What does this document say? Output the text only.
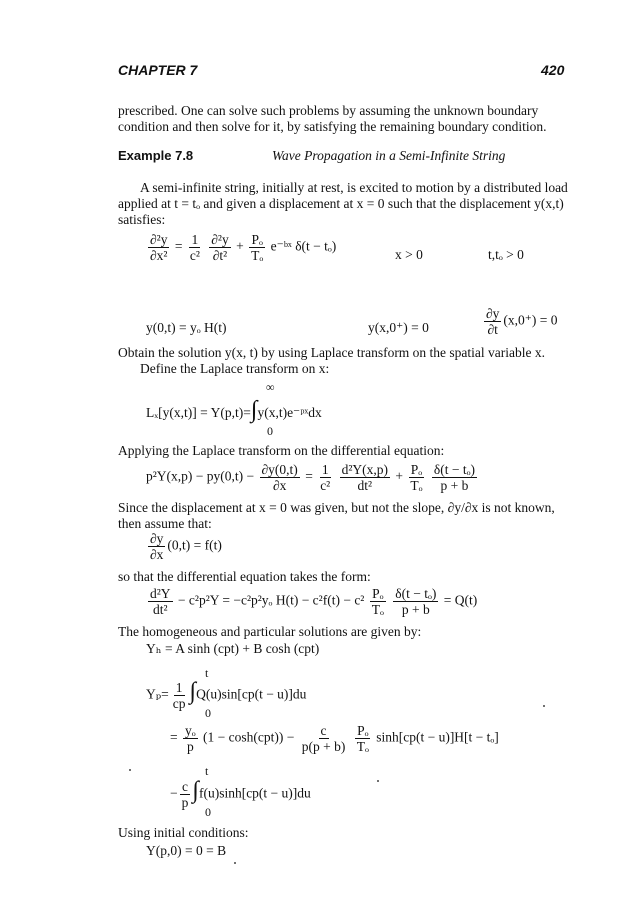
CHAPTER 7	420
prescribed. One can solve such problems by assuming the unknown boundary condition and then solve for it, by satisfying the remaining boundary condition.
Example 7.8	Wave Propagation in a Semi-Infinite String
A semi-infinite string, initially at rest, is excited to motion by a distributed load applied at t = tₒ and given a displacement at x = 0 such that the displacement y(x,t) satisfies:
$\frac{\text{∂²y}}{\text{∂x²}} = \frac{1}{\text{c²}}$
$\frac{\text{∂²y}}{\text{∂t²}} + \frac{\text{Pₒ}}{\text{Tₒ}}$ e⁻ᵇˣ δ(t − tₒ)
x > 0	t,tₒ > 0
y(0,t) = yₒ H(t)	y(x,0⁺) = 0	$\frac{\partial y}{\partial t} (x,0^+) = 0$
Obtain the solution y(x, t) by using Laplace transform on the spatial variable x.
Define the Laplace transform on x:
∞
Lₓ[y(x,t)] = Y(p,t)=∫y(x,t)e⁻ᵖˣdx
0
Applying the Laplace transform on the differential equation:
$p^2Y(x,p) - py(0,t) - \frac{\partial y(0,t)}{\partial x} = \frac{1}{\text{c²}}$
$\frac{\text{d²Y(x,p)}}{\text{dt²}} + \frac{\text{Pₒ}}{\text{Tₒ}}$
$\frac{\text{δ(t − tₒ)}}{p + b}$
Since the displacement at x = 0 was given, but not the slope, ∂y/∂x is not known, then assume that:
$\frac{\partial y}{\partial x} (0,t) = f(t)$
so that the differential equation takes the form:
$\frac{\text{d²Y}}{\text{dt²}} - c^2p^2Y = -c^2p^2y_o$ $H(t) - c^2f(t) - c^2 \frac{\text{Pₒ}}{\text{Tₒ}}$
$\frac{\text{δ(t − tₒ)}}{p + b} = Q(t)$
The homogeneous and particular solutions are given by:
Yₕ = A sinh (cpt) + B cosh (cpt)
t
$Y_p= \frac{1}{cp} \int Q(u)\sin[cp(t - u)]du$
0
= $\frac{\text{yₒ}}{p} (1 - \cosh(cpt)) - \frac{c}{p(p + b)}$
$\frac{\text{Pₒ}}{\text{Tₒ}} \sinh[cp(t - u)]H[t - t_o]$
t
− $\frac{c}{p} \int f(u)\sinh[cp(t - u)]du$
0
Using initial conditions:
Y(p,0) = 0 = B
